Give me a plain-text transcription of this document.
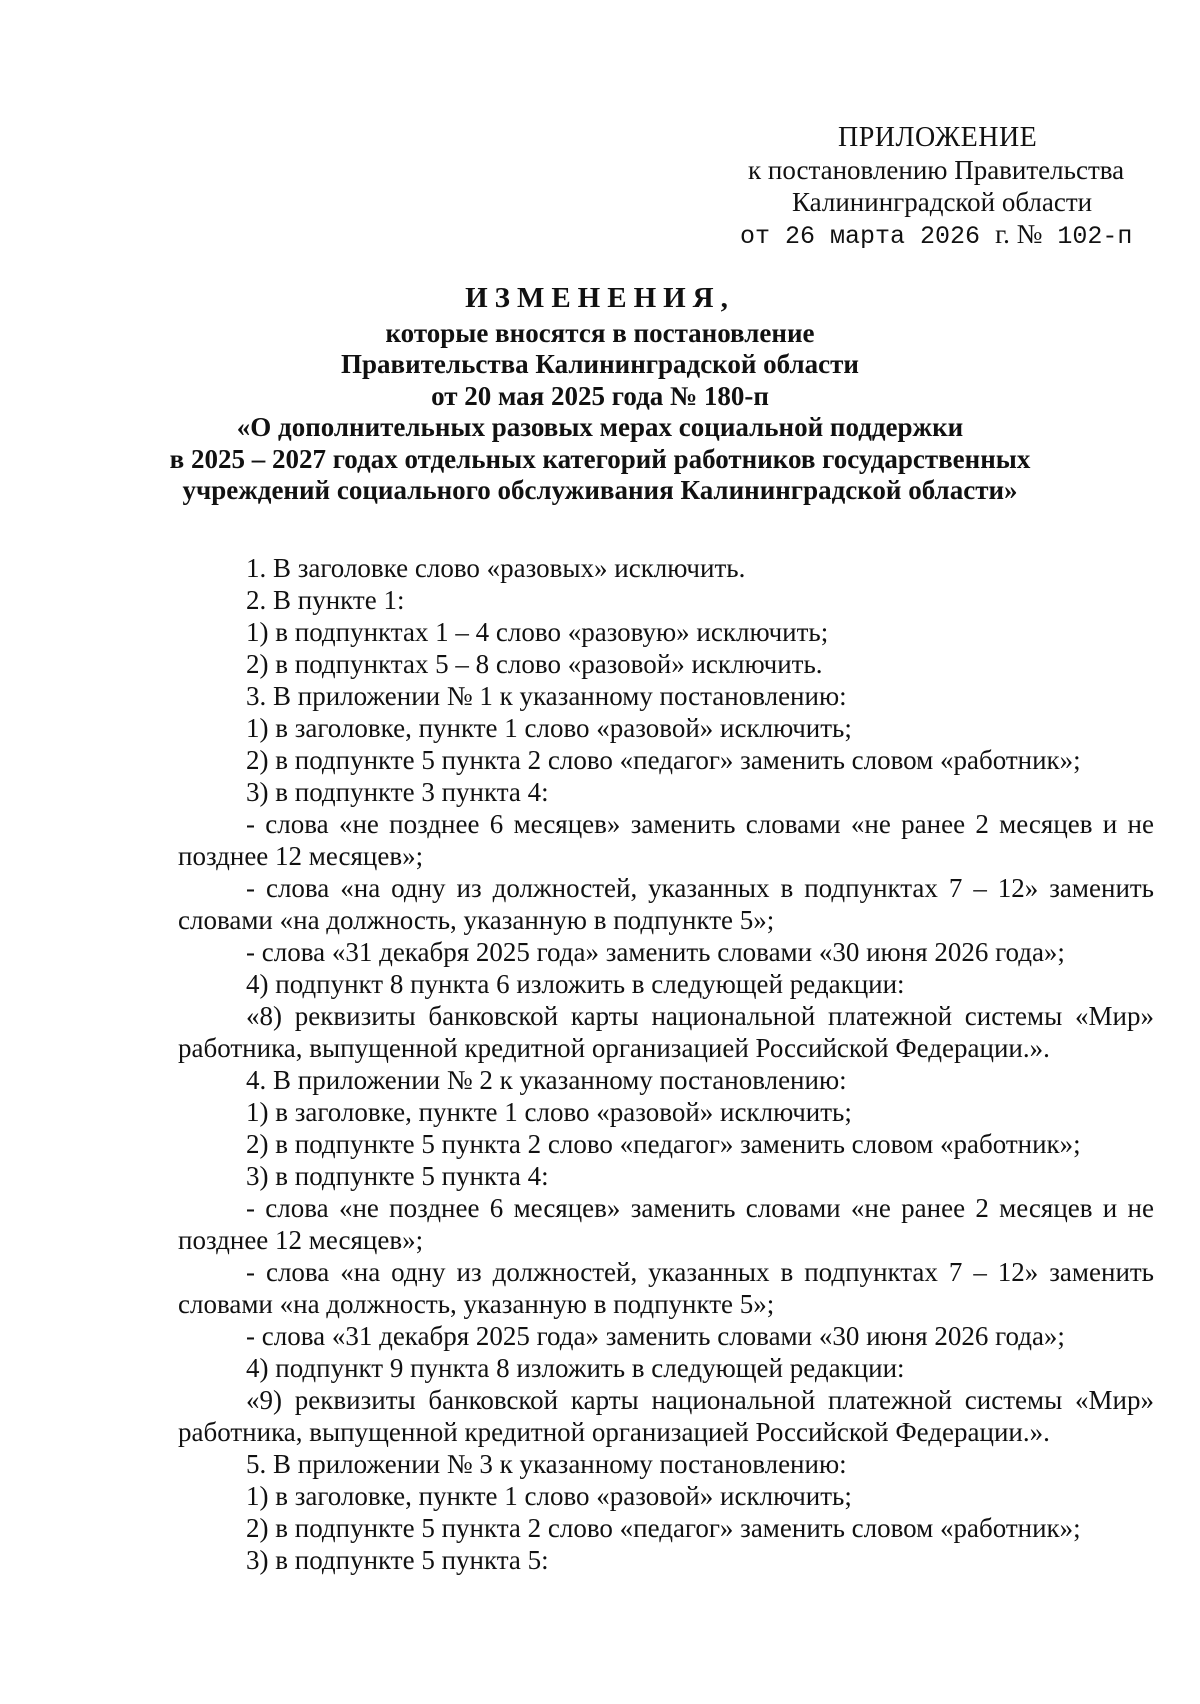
ПРИЛОЖЕНИЕ
к постановлению Правительства
Калининградской области
от 26 марта 2026 г. № 102-п
ИЗМЕНЕНИЯ,
которые вносятся в постановление
Правительства Калининградской области
от 20 мая 2025 года № 180-п
«О дополнительных разовых мерах социальной поддержки
в 2025 – 2027 годах отдельных категорий работников государственных
учреждений социального обслуживания Калининградской области»

1. В заголовке слово «разовых» исключить.

2. В пункте 1:

1) в подпунктах 1 – 4 слово «разовую» исключить;

2) в подпунктах 5 – 8 слово «разовой» исключить.

3. В приложении № 1 к указанному постановлению:

1) в заголовке, пункте 1 слово «разовой» исключить;

2) в подпункте 5 пункта 2 слово «педагог» заменить словом «работник»;

3) в подпункте 3 пункта 4:

- слова «не позднее 6 месяцев» заменить словами «не ранее 2 месяцев и не позднее 12 месяцев»;

- слова «на одну из должностей, указанных в подпунктах 7 – 12» заменить словами «на должность, указанную в подпункте 5»;

- слова «31 декабря 2025 года» заменить словами «30 июня 2026 года»;

4) подпункт 8 пункта 6 изложить в следующей редакции:

«8) реквизиты банковской карты национальной платежной системы «Мир» работника, выпущенной кредитной организацией Российской Федерации.».

4. В приложении № 2 к указанному постановлению:

1) в заголовке, пункте 1 слово «разовой» исключить;

2) в подпункте 5 пункта 2 слово «педагог» заменить словом «работник»;

3) в подпункте 5 пункта 4:

- слова «не позднее 6 месяцев» заменить словами «не ранее 2 месяцев и не позднее 12 месяцев»;

- слова «на одну из должностей, указанных в подпунктах 7 – 12» заменить словами «на должность, указанную в подпункте 5»;

- слова «31 декабря 2025 года» заменить словами «30 июня 2026 года»;

4) подпункт 9 пункта 8 изложить в следующей редакции:

«9) реквизиты банковской карты национальной платежной системы «Мир» работника, выпущенной кредитной организацией Российской Федерации.».

5. В приложении № 3 к указанному постановлению:

1) в заголовке, пункте 1 слово «разовой» исключить;

2) в подпункте 5 пункта 2 слово «педагог» заменить словом «работник»;

3) в подпункте 5 пункта 5:
